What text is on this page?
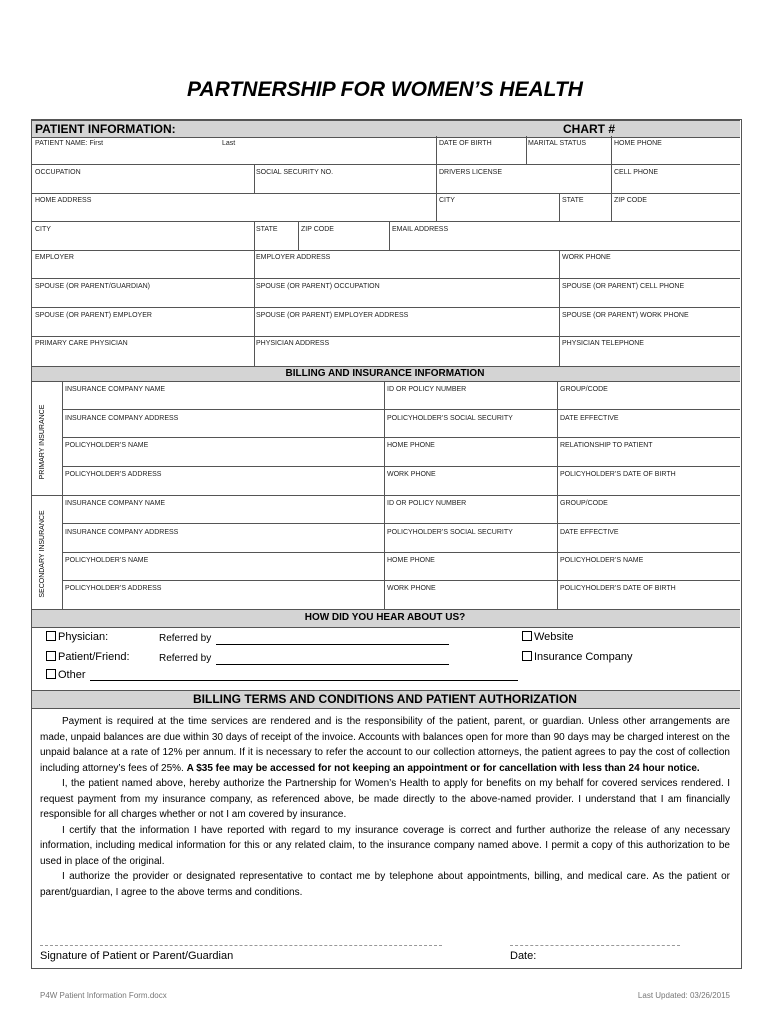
PARTNERSHIP FOR WOMEN’S HEALTH
PATIENT INFORMATION:	CHART #
PATIENT NAME: First	Last	DATE OF BIRTH	MARITAL STATUS	HOME PHONE
OCCUPATION	SOCIAL SECURITY NO.	DRIVERS LICENSE	CELL PHONE
HOME ADDRESS	CITY	STATE	ZIP CODE
CITY	STATE	ZIP CODE	EMAIL ADDRESS
EMPLOYER	EMPLOYER ADDRESS	WORK PHONE
SPOUSE (OR PARENT/GUARDIAN)	SPOUSE (OR PARENT) OCCUPATION	SPOUSE (OR PARENT) CELL PHONE
SPOUSE (OR PARENT) EMPLOYER	SPOUSE (OR PARENT) EMPLOYER ADDRESS	SPOUSE (OR PARENT) WORK PHONE
PRIMARY CARE PHYSICIAN	PHYSICIAN ADDRESS	PHYSICIAN TELEPHONE
BILLING AND INSURANCE INFORMATION
PRIMARY INSURANCE
SECONDARY INSURANCE
INSURANCE COMPANY NAME	ID OR POLICY NUMBER	GROUP/CODE
INSURANCE COMPANY ADDRESS	POLICYHOLDER’S SOCIAL SECURITY	DATE EFFECTIVE
POLICYHOLDER’S NAME	HOME PHONE	RELATIONSHIP TO PATIENT
POLICYHOLDER’S ADDRESS	WORK PHONE	POLICYHOLDER’S DATE OF BIRTH
INSURANCE COMPANY NAME	ID OR POLICY NUMBER	GROUP/CODE
INSURANCE COMPANY ADDRESS	POLICYHOLDER’S SOCIAL SECURITY	DATE EFFECTIVE
POLICYHOLDER’S NAME	HOME PHONE	POLICYHOLDER’S NAME
POLICYHOLDER’S ADDRESS	WORK PHONE	POLICYHOLDER’S DATE OF BIRTH
HOW DID YOU HEAR ABOUT US?
Physician:
Patient/Friend:
Other
Referred by
Referred by
Website
Insurance Company
BILLING TERMS AND CONDITIONS AND PATIENT AUTHORIZATION

Payment is required at the time services are rendered and is the responsibility of the patient, parent, or guardian. Unless other arrangements are made, unpaid balances are due within 30 days of receipt of the invoice. Accounts with balances open for more than 90 days may be charged interest on the unpaid balance at a rate of 12% per annum. If it is necessary to refer the account to our collection attorneys, the patient agrees to pay the cost of collection including attorney’s fees of 25%. A $35 fee may be accessed for not keeping an appointment or for cancellation with less than 24 hour notice.

I, the patient named above, hereby authorize the Partnership for Women’s Health to apply for benefits on my behalf for covered services rendered. I request payment from my insurance company, as referenced above, be made directly to the above-named provider. I understand that I am financially responsible for all charges whether or not I am covered by insurance.

I certify that the information I have reported with regard to my insurance coverage is correct and further authorize the release of any necessary information, including medical information for this or any related claim, to the insurance company named above. I permit a copy of this authorization to be used in place of the original.

I authorize the provider or designated representative to contact me by telephone about appointments, billing, and medical care. As the patient or parent/guardian, I agree to the above terms and conditions.

Signature of Patient or Parent/Guardian	Date:
P4W Patient Information Form.docx	Last Updated: 03/26/2015
